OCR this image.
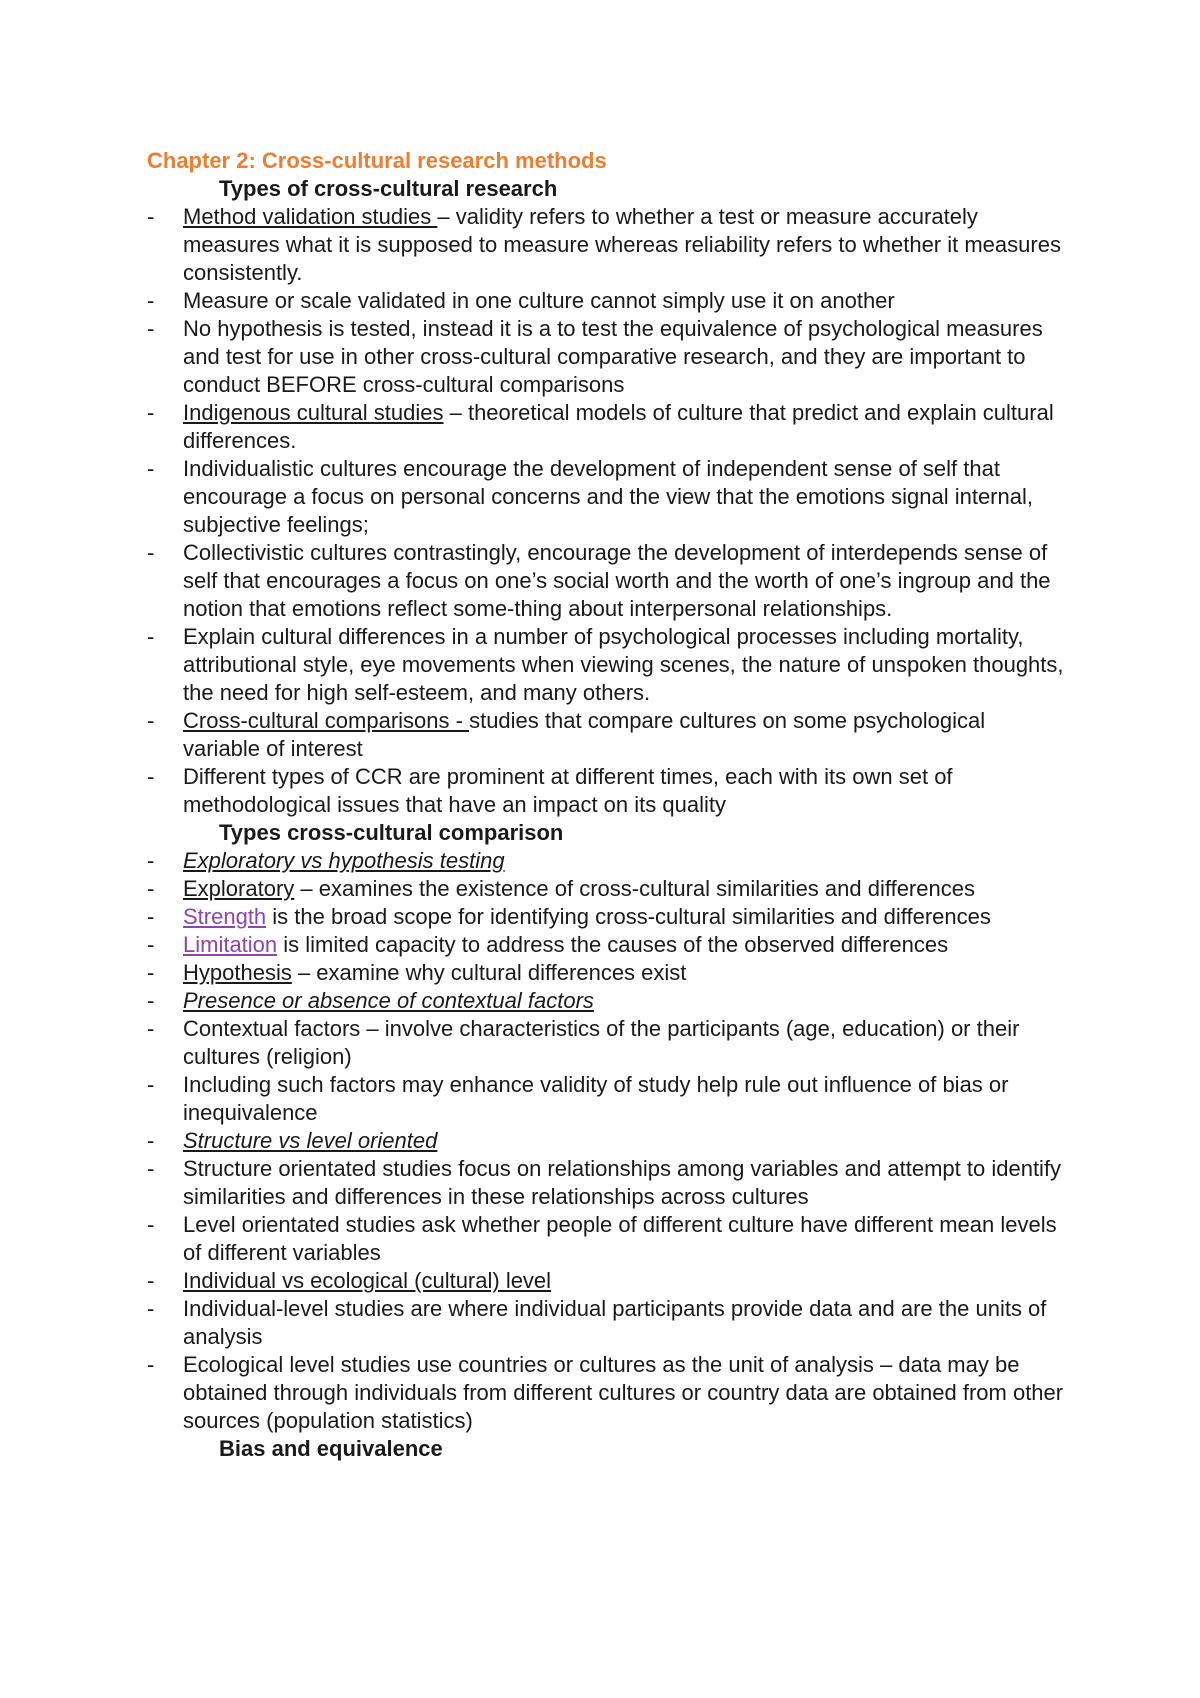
Chapter 2: Cross-cultural research methods
Types of cross-cultural research
-	Method validation studies – validity refers to whether a test or measure accurately measures what it is supposed to measure whereas reliability refers to whether it measures consistently.
-	Measure or scale validated in one culture cannot simply use it on another
-	No hypothesis is tested, instead it is a to test the equivalence of psychological measures and test for use in other cross-cultural comparative research, and they are important to conduct BEFORE cross-cultural comparisons
-	Indigenous cultural studies – theoretical models of culture that predict and explain cultural differences.
-	Individualistic cultures encourage the development of independent sense of self that encourage a focus on personal concerns and the view that the emotions signal internal, subjective feelings;
-	Collectivistic cultures contrastingly, encourage the development of interdepends sense of self that encourages a focus on one’s social worth and the worth of one’s ingroup and the notion that emotions reflect some-thing about interpersonal relationships.
-	Explain cultural differences in a number of psychological processes including mortality, attributional style, eye movements when viewing scenes, the nature of unspoken thoughts, the need for high self-esteem, and many others.
-	Cross-cultural comparisons - studies that compare cultures on some psychological variable of interest
-	Different types of CCR are prominent at different times, each with its own set of methodological issues that have an impact on its quality
Types cross-cultural comparison
-	Exploratory vs hypothesis testing
-	Exploratory – examines the existence of cross-cultural similarities and differences
-	Strength is the broad scope for identifying cross-cultural similarities and differences
-	Limitation is limited capacity to address the causes of the observed differences
-	Hypothesis – examine why cultural differences exist
-	Presence or absence of contextual factors
-	Contextual factors – involve characteristics of the participants (age, education) or their cultures (religion)
-	Including such factors may enhance validity of study help rule out influence of bias or inequivalence
-	Structure vs level oriented
-	Structure orientated studies focus on relationships among variables and attempt to identify similarities and differences in these relationships across cultures
-	Level orientated studies ask whether people of different culture have different mean levels of different variables
-	Individual vs ecological (cultural) level
-	Individual-level studies are where individual participants provide data and are the units of analysis
-	Ecological level studies use countries or cultures as the unit of analysis – data may be obtained through individuals from different cultures or country data are obtained from other sources (population statistics)
Bias and equivalence
